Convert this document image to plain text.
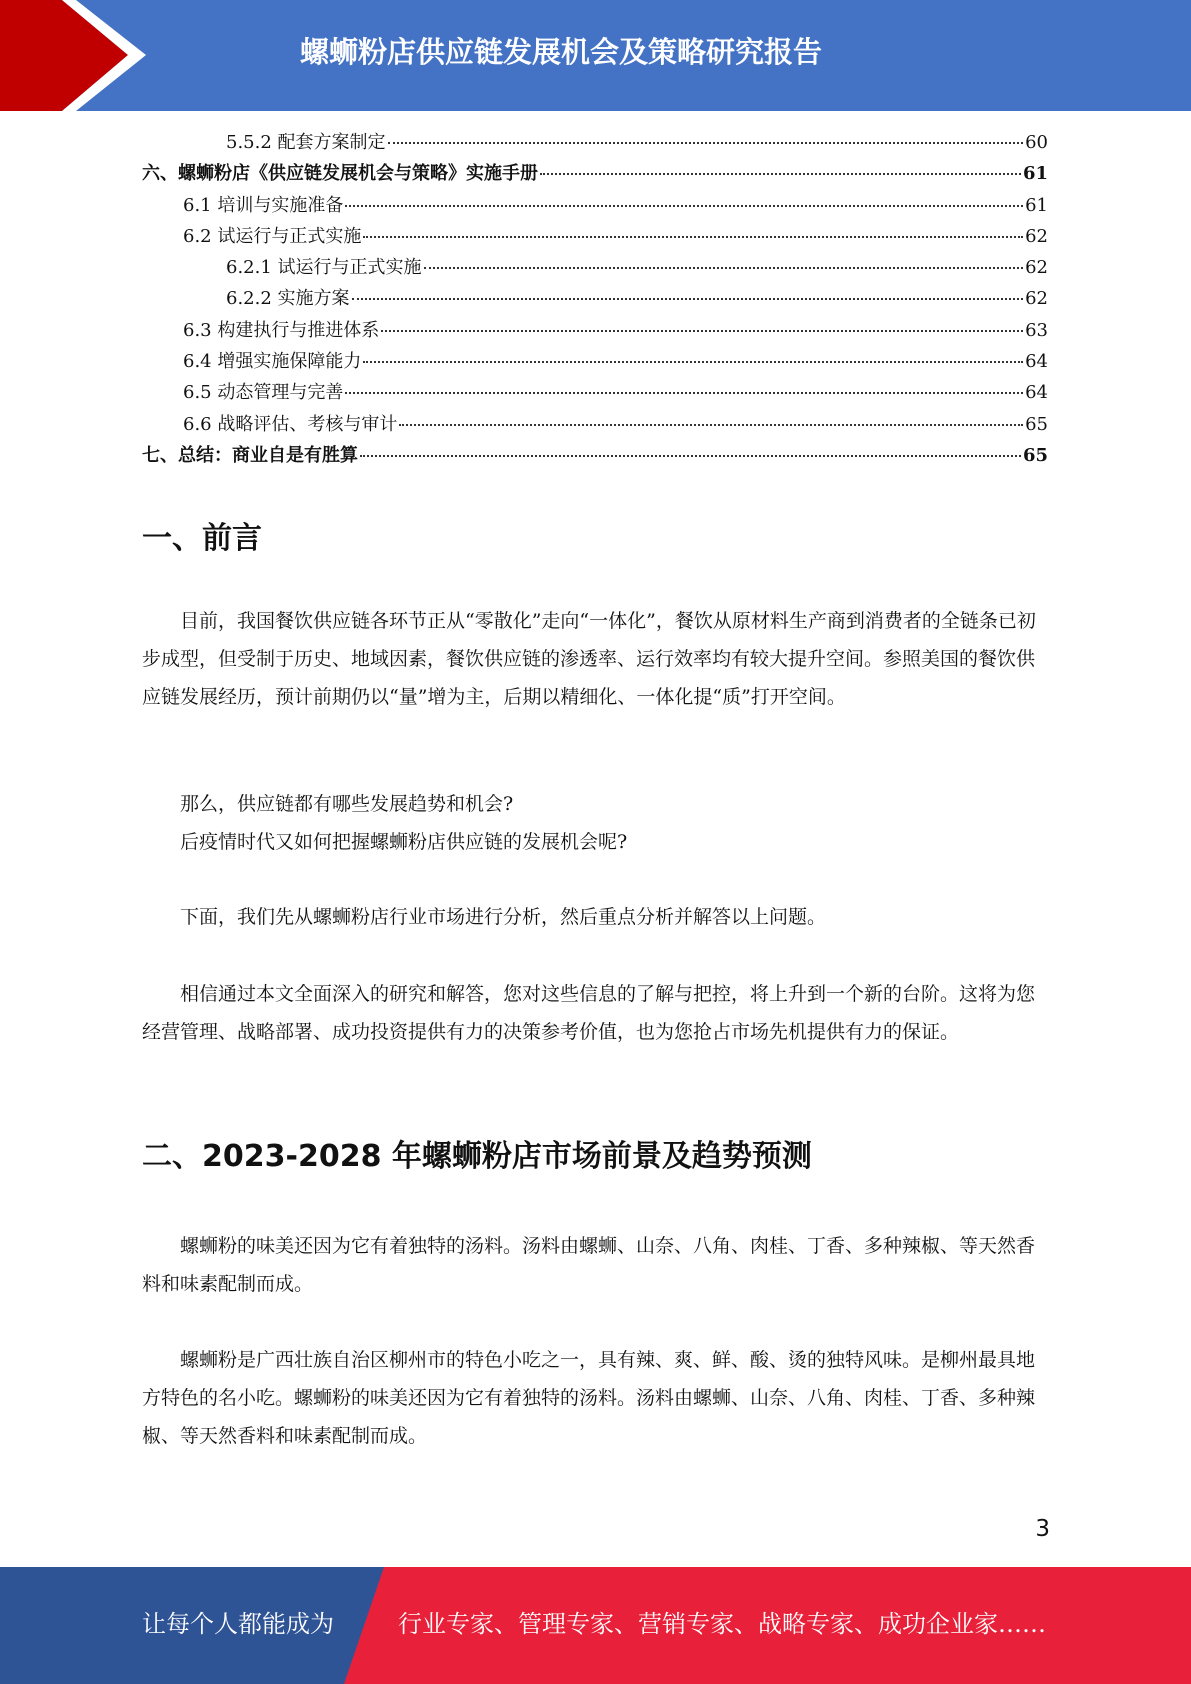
螺蛳粉店供应链发展机会及策略研究报告
5.5.2 配套方案制定	60
六、螺蛳粉店《供应链发展机会与策略》实施手册	61
6.1 培训与实施准备	61
6.2 试运行与正式实施	62
6.2.1 试运行与正式实施	62
6.2.2 实施方案	62
6.3 构建执行与推进体系	63
6.4 增强实施保障能力	64
6.5 动态管理与完善	64
6.6 战略评估、考核与审计	65
七、总结：商业自是有胜算	65
一、前言

目前，我国餐饮供应链各环节正从“零散化”走向“一体化”，餐饮从原材料生产商到消费者的全链条已初步成型，但受制于历史、地域因素，餐饮供应链的渗透率、运行效率均有较大提升空间。参照美国的餐饮供应链发展经历，预计前期仍以“量”增为主，后期以精细化、一体化提“质”打开空间。

那么，供应链都有哪些发展趋势和机会?

后疫情时代又如何把握螺蛳粉店供应链的发展机会呢?

下面，我们先从螺蛳粉店行业市场进行分析，然后重点分析并解答以上问题。

相信通过本文全面深入的研究和解答，您对这些信息的了解与把控，将上升到一个新的台阶。这将为您经营管理、战略部署、成功投资提供有力的决策参考价值，也为您抢占市场先机提供有力的保证。

二、2023-2028 年螺蛳粉店市场前景及趋势预测

螺蛳粉的味美还因为它有着独特的汤料。汤料由螺蛳、山奈、八角、肉桂、丁香、多种辣椒、等天然香料和味素配制而成。

螺蛳粉是广西壮族自治区柳州市的特色小吃之一，具有辣、爽、鲜、酸、烫的独特风味。是柳州最具地方特色的名小吃。螺蛳粉的味美还因为它有着独特的汤料。汤料由螺蛳、山奈、八角、肉桂、丁香、多种辣椒、等天然香料和味素配制而成。

3
让每个人都能成为	行业专家、管理专家、营销专家、战略专家、成功企业家……
